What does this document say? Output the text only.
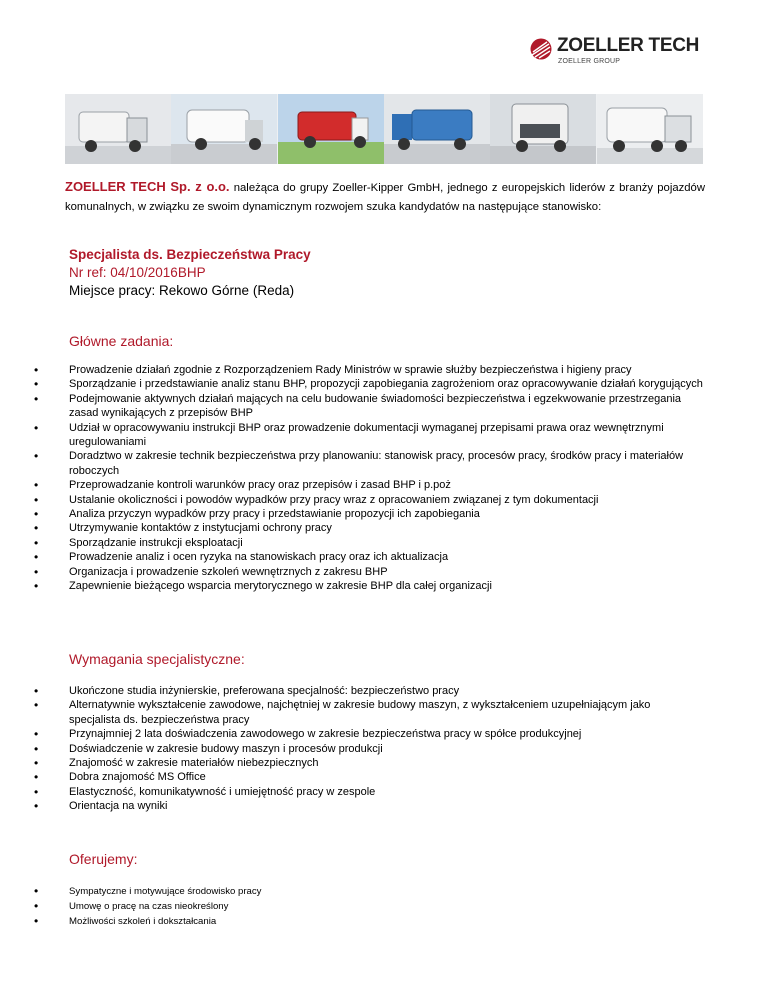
ZOELLER TECH
ZOELLER GROUP
ZOELLER TECH Sp. z o.o. należąca do grupy Zoeller-Kipper GmbH, jednego z europejskich liderów z branży pojazdów komunalnych, w związku ze swoim dynamicznym rozwojem szuka kandydatów na następujące stanowisko:
Specjalista ds. Bezpieczeństwa Pracy
Nr ref: 04/10/2016BHP
Miejsce pracy: Rekowo Górne (Reda)
Główne zadania:
• Prowadzenie działań zgodnie z Rozporządzeniem Rady Ministrów w sprawie służby bezpieczeństwa i higieny pracy
• Sporządzanie i przedstawianie analiz stanu BHP, propozycji zapobiegania zagrożeniom oraz opracowywanie działań korygujących
• Podejmowanie aktywnych działań mających na celu budowanie świadomości bezpieczeństwa i egzekwowanie przestrzegania zasad wynikających z przepisów BHP
• Udział w opracowywaniu instrukcji BHP oraz prowadzenie dokumentacji wymaganej przepisami prawa oraz wewnętrznymi uregulowaniami
• Doradztwo w zakresie technik bezpieczeństwa przy planowaniu: stanowisk pracy, procesów pracy, środków pracy i materiałów roboczych
• Przeprowadzanie kontroli warunków pracy oraz przepisów i zasad BHP i p.poż
• Ustalanie okoliczności i powodów wypadków przy pracy wraz z opracowaniem związanej z tym dokumentacji
• Analiza przyczyn wypadków przy pracy i przedstawianie propozycji ich zapobiegania
• Utrzymywanie kontaktów z instytucjami ochrony pracy
• Sporządzanie instrukcji eksploatacji
• Prowadzenie analiz i ocen ryzyka na stanowiskach pracy oraz ich aktualizacja
• Organizacja i prowadzenie szkoleń wewnętrznych z zakresu BHP
• Zapewnienie bieżącego wsparcia merytorycznego w zakresie BHP dla całej organizacji
Wymagania specjalistyczne:
• Ukończone studia inżynierskie, preferowana specjalność: bezpieczeństwo pracy
• Alternatywnie wykształcenie zawodowe, najchętniej w zakresie budowy maszyn, z wykształceniem uzupełniającym jako specjalista ds. bezpieczeństwa pracy
• Przynajmniej 2 lata doświadczenia zawodowego w zakresie bezpieczeństwa pracy w spółce produkcyjnej
• Doświadczenie w zakresie budowy maszyn i procesów produkcji
• Znajomość w zakresie materiałów niebezpiecznych
• Dobra znajomość MS Office
• Elastyczność, komunikatywność i umiejętność pracy w zespole
• Orientacja na wyniki
Oferujemy:
• Sympatyczne i motywujące środowisko pracy
• Umowę o pracę na czas nieokreślony
• Możliwości szkoleń i dokształcania
